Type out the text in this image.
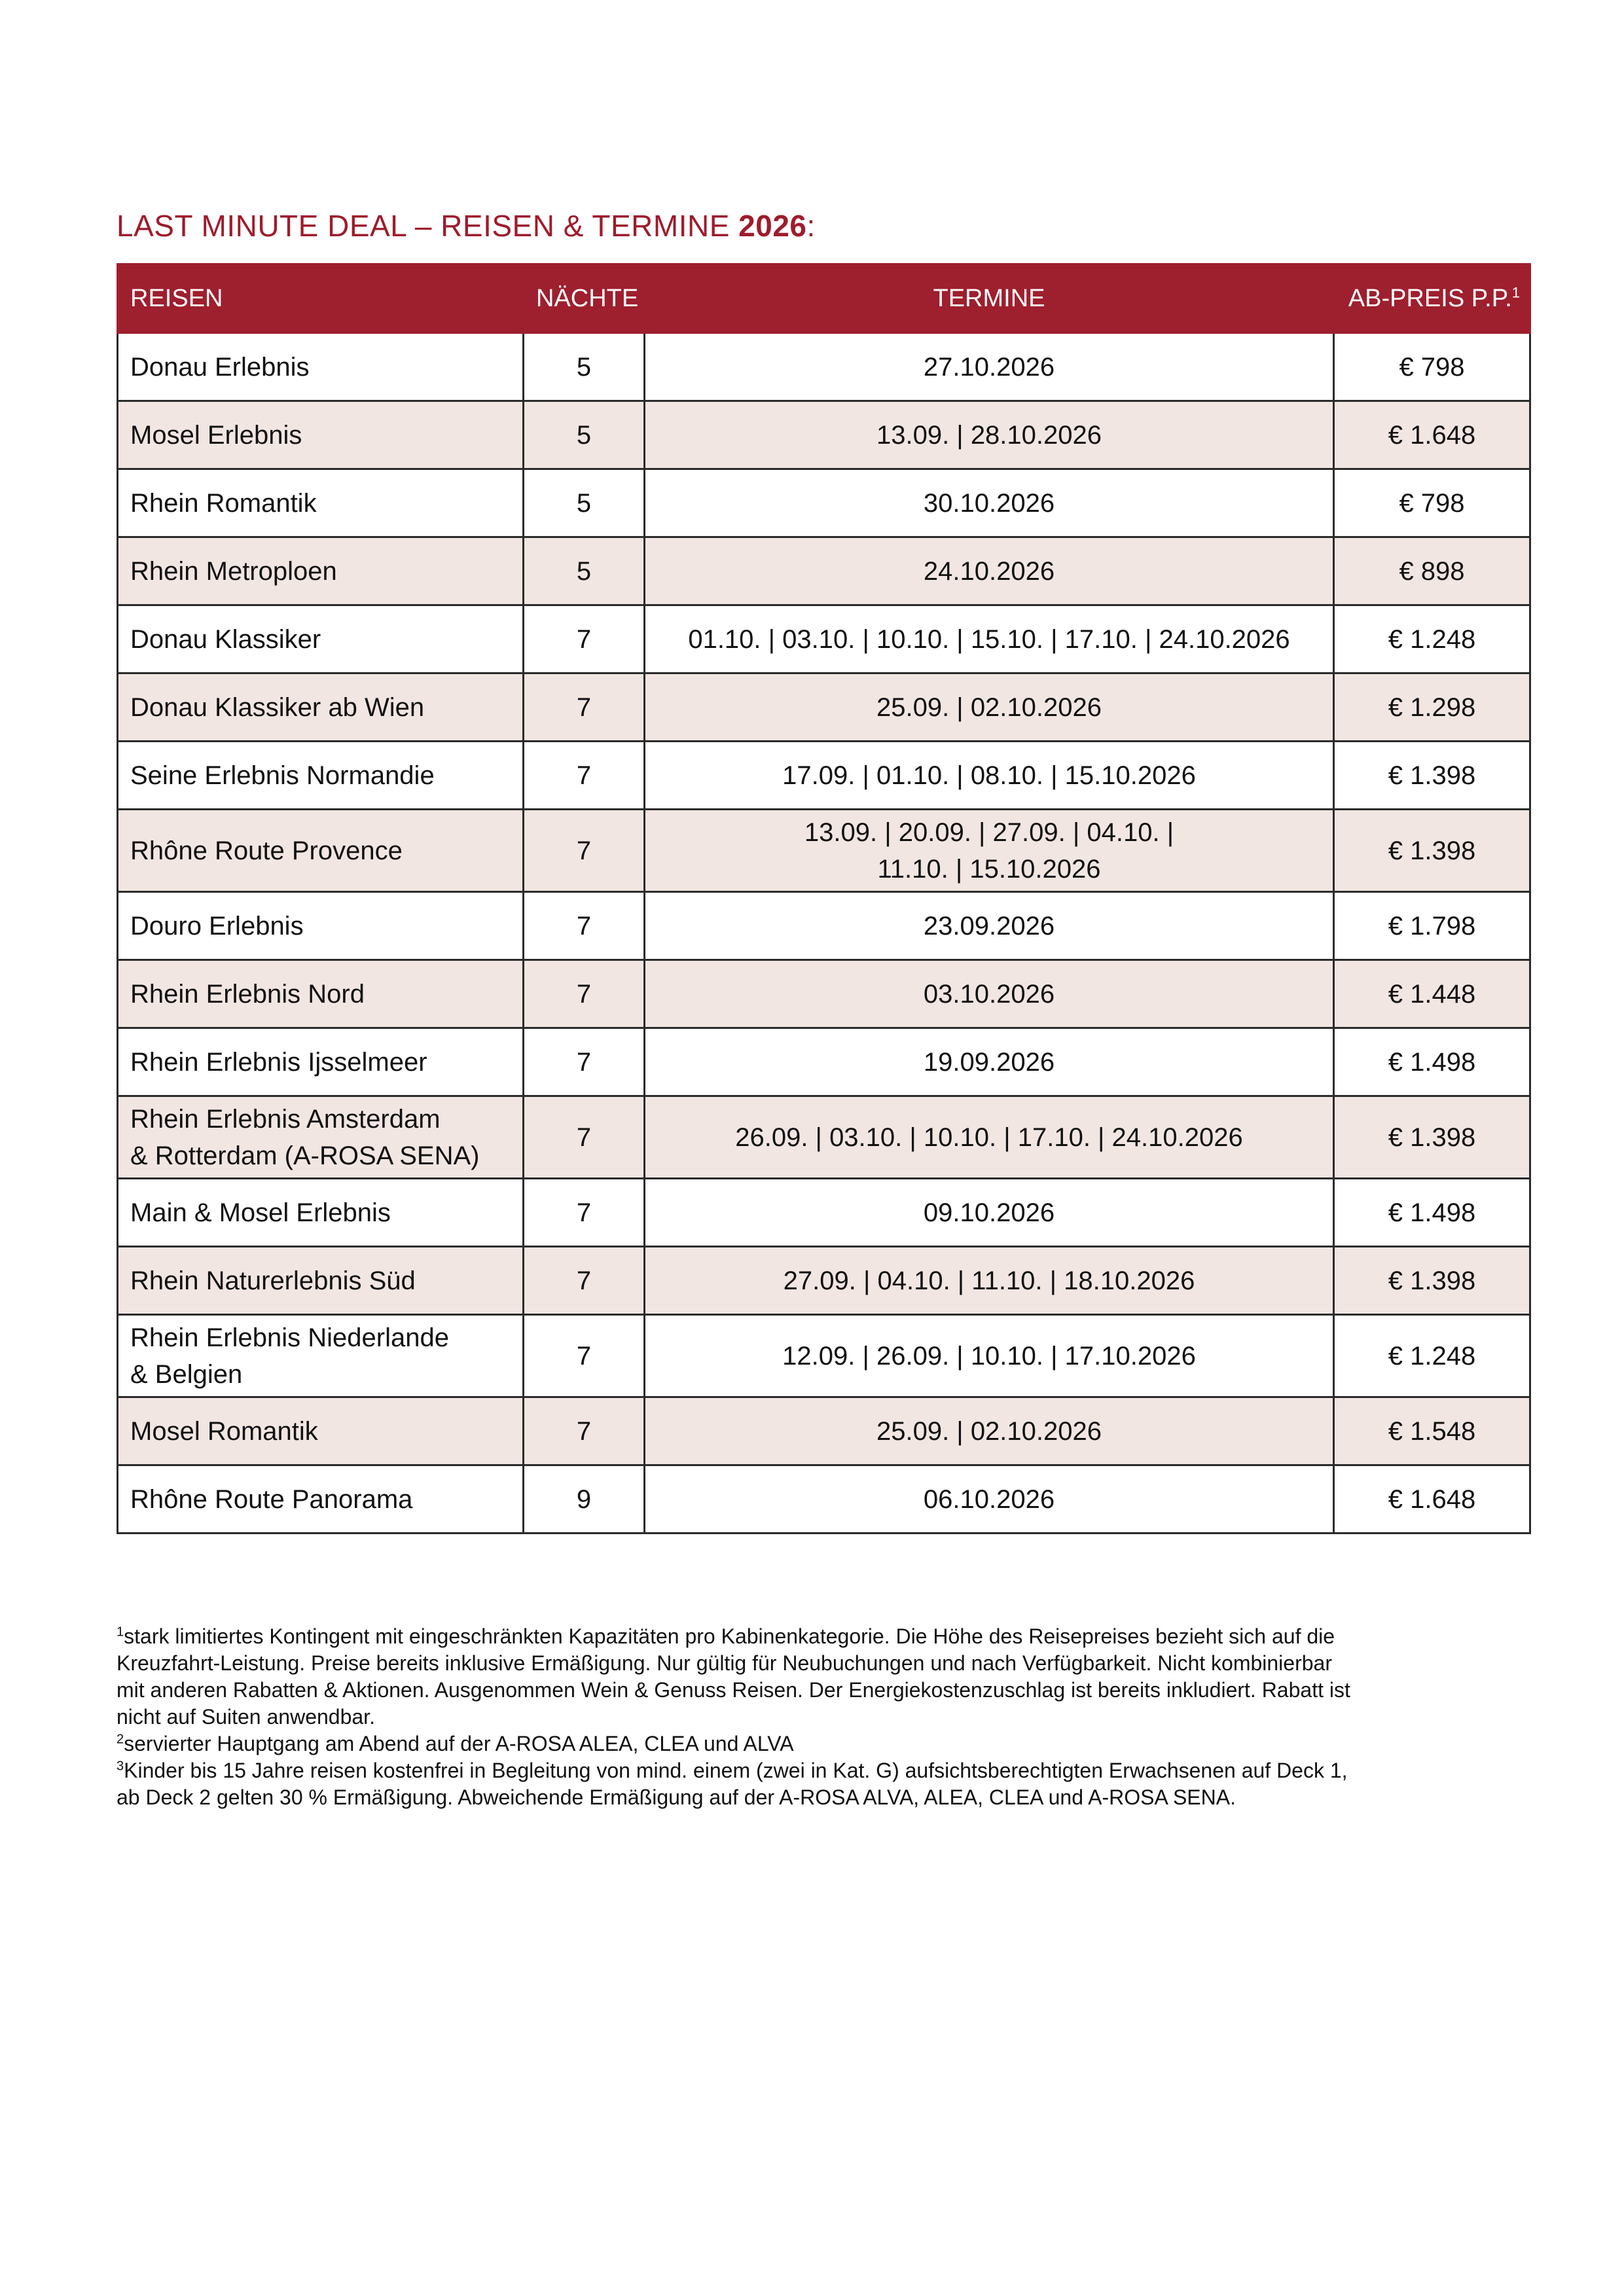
LAST MINUTE DEAL – REISEN & TERMINE 2026:
REISEN	NÄCHTE	TERMINE	AB-PREIS P.P.$^1$

Donau Erlebnis	5	27.10.2026	€ 798

Mosel Erlebnis	5	13.09. | 28.10.2026	€ 1.648

Rhein Romantik	5	30.10.2026	€ 798

Rhein Metroploen	5	24.10.2026	€ 898

Donau Klassiker	7	01.10. | 03.10. | 10.10. | 15.10. | 17.10. | 24.10.2026	€ 1.248

Donau Klassiker ab Wien	7	25.09. | 02.10.2026	€ 1.298

Seine Erlebnis Normandie	7	17.09. | 01.10. | 08.10. | 15.10.2026	€ 1.398

Rhône Route Provence	7	13.09. | 20.09. | 27.09. | 04.10. |
11.10. | 15.10.2026	€ 1.398

Douro Erlebnis	7	23.09.2026	€ 1.798

Rhein Erlebnis Nord	7	03.10.2026	€ 1.448

Rhein Erlebnis Ijsselmeer	7	19.09.2026	€ 1.498

Rhein Erlebnis Amsterdam
& Rotterdam (A-ROSA SENA)	7	26.09. | 03.10. | 10.10. | 17.10. | 24.10.2026	€ 1.398

Main & Mosel Erlebnis	7	09.10.2026	€ 1.498

Rhein Naturerlebnis Süd	7	27.09. | 04.10. | 11.10. | 18.10.2026	€ 1.398

Rhein Erlebnis Niederlande
& Belgien	7	12.09. | 26.09. | 10.10. | 17.10.2026	€ 1.248

Mosel Romantik	7	25.09. | 02.10.2026	€ 1.548

Rhône Route Panorama	9	06.10.2026	€ 1.648

$^1$stark limitiertes Kontingent mit eingeschränkten Kapazitäten pro Kabinenkategorie. Die Höhe des Reisepreises bezieht sich auf die

Kreuzfahrt-Leistung. Preise bereits inklusive Ermäßigung. Nur gültig für Neubuchungen und nach Verfügbarkeit. Nicht kombinierbar

mit anderen Rabatten & Aktionen. Ausgenommen Wein & Genuss Reisen. Der Energiekostenzuschlag ist bereits inkludiert. Rabatt ist

nicht auf Suiten anwendbar.

$^2$servierter Hauptgang am Abend auf der A-ROSA ALEA, CLEA und ALVA

$^3$Kinder bis 15 Jahre reisen kostenfrei in Begleitung von mind. einem (zwei in Kat. G) aufsichtsberechtigten Erwachsenen auf Deck 1,

ab Deck 2 gelten 30 % Ermäßigung. Abweichende Ermäßigung auf der A-ROSA ALVA, ALEA, CLEA und A-ROSA SENA.
